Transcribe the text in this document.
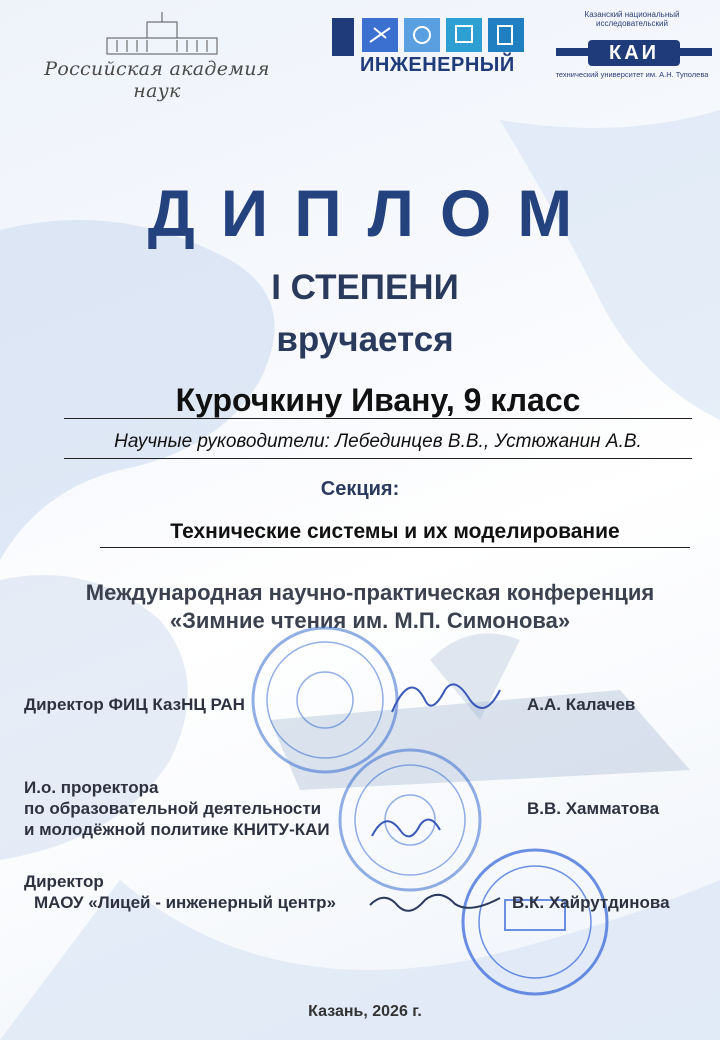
Российская академия наук
ИНЖЕНЕРНЫЙ
Казанский национальный исследовательский
КАИ
технический университет им. А.Н. Туполева
ДИПЛОМ
I СТЕПЕНИ
вручается
Курочкину Ивану, 9 класс
Научные руководители: Лебединцев В.В., Устюжанин А.В.
Секция:
Технические системы и их моделирование
Международная научно-практическая конференция
«Зимние чтения им. М.П. Симонова»
Директор ФИЦ КазНЦ РАН	А.А. Калачев
И.о. проректора
по образовательной деятельности
и молодёжной политике КНИТУ-КАИ
В.В. Хамматова
Директор
МАОУ «Лицей - инженерный центр»	В.К. Хайрутдинова
Казань, 2026 г.
